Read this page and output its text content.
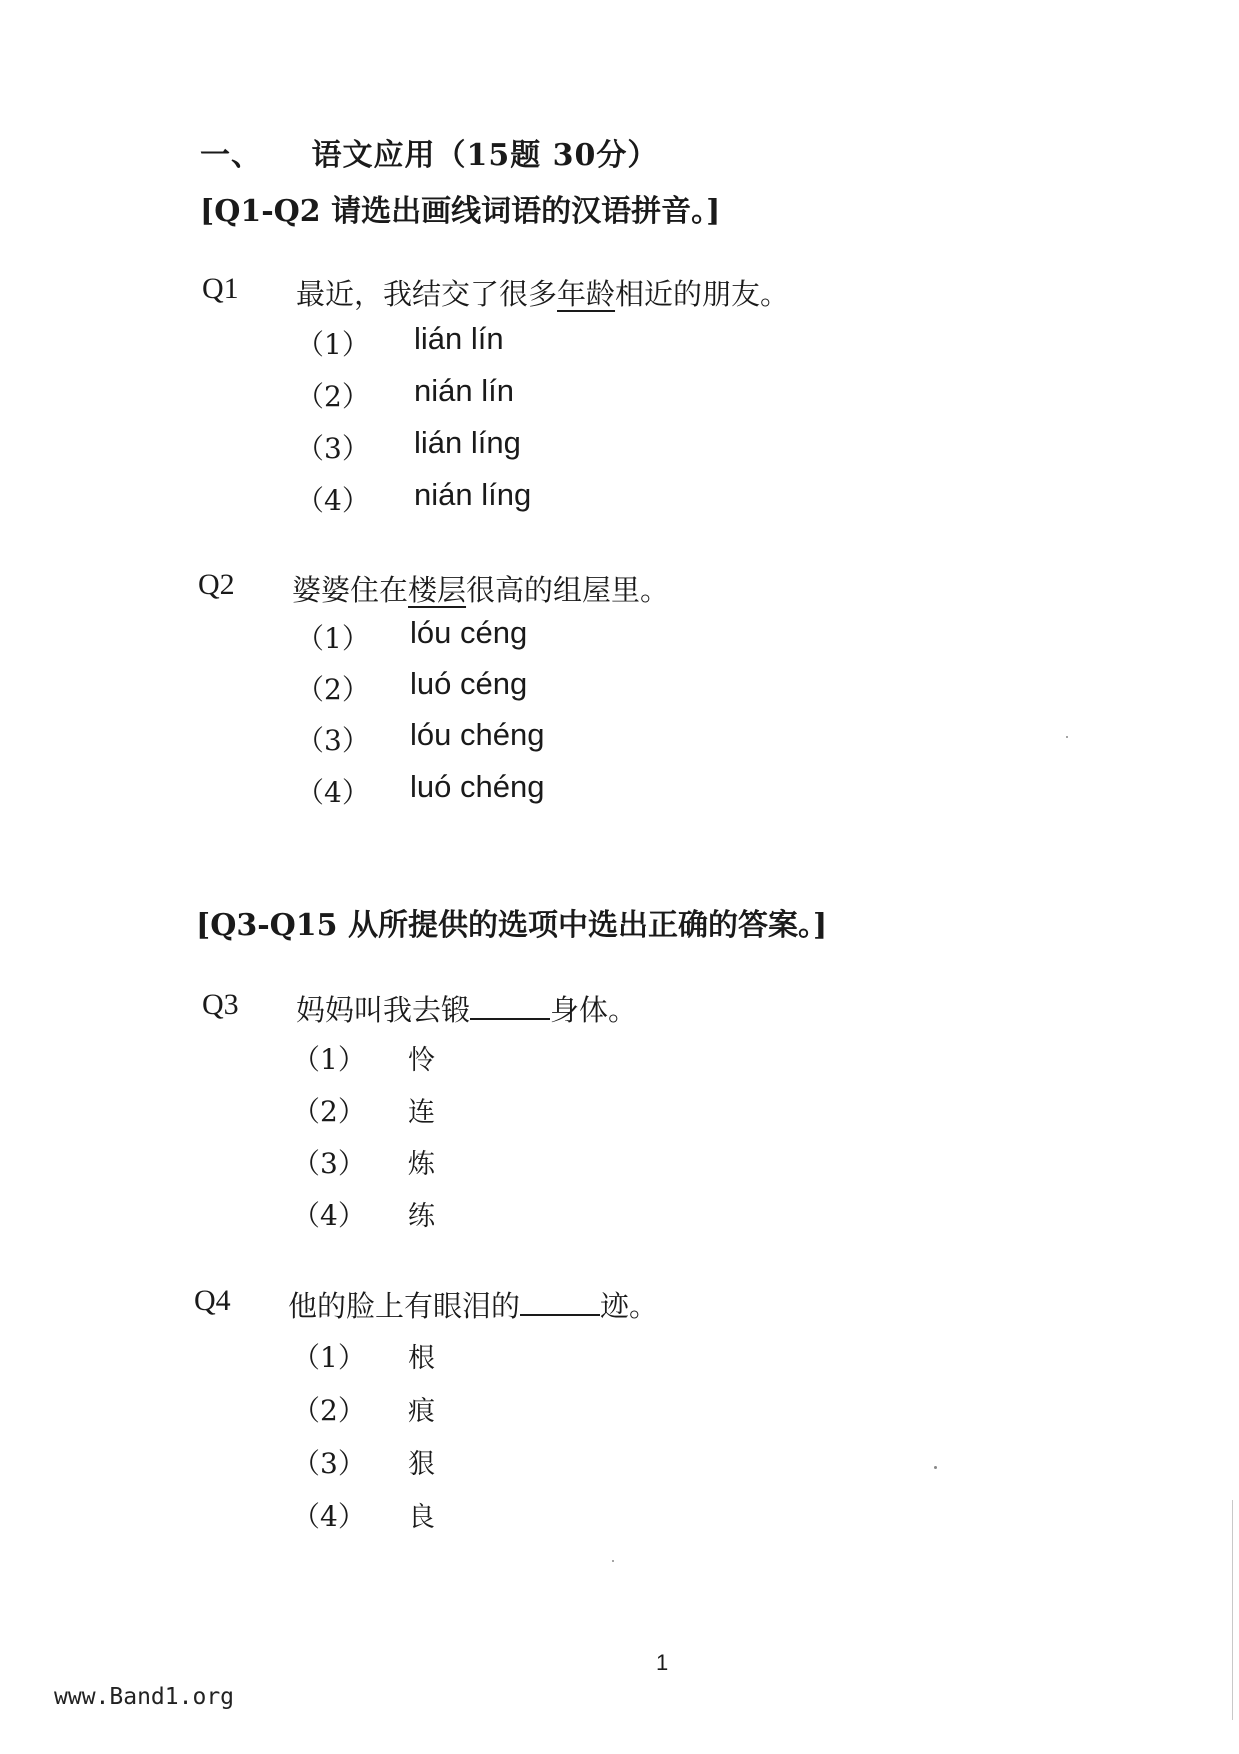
一、 语文应用（15题 30分）
[Q1-Q2 请选出画线词语的汉语拼音。]
Q1 最近，我结交了很多年龄相近的朋友。
（1） lián lín
（2） nián lín
（3） lián líng
（4） nián líng
Q2 婆婆住在楼层很高的组屋里。
（1） lóu céng
（2） luó céng
（3） lóu chéng
（4） luó chéng
[Q3-Q15 从所提供的选项中选出正确的答案。]
Q3 妈妈叫我去锻	身体。
（1） 怜
（2） 连
（3） 炼
（4） 练
Q4 他的脸上有眼泪的	迹。
（1） 根
（2） 痕
（3） 狠
（4） 良
1
www.Band1.org
